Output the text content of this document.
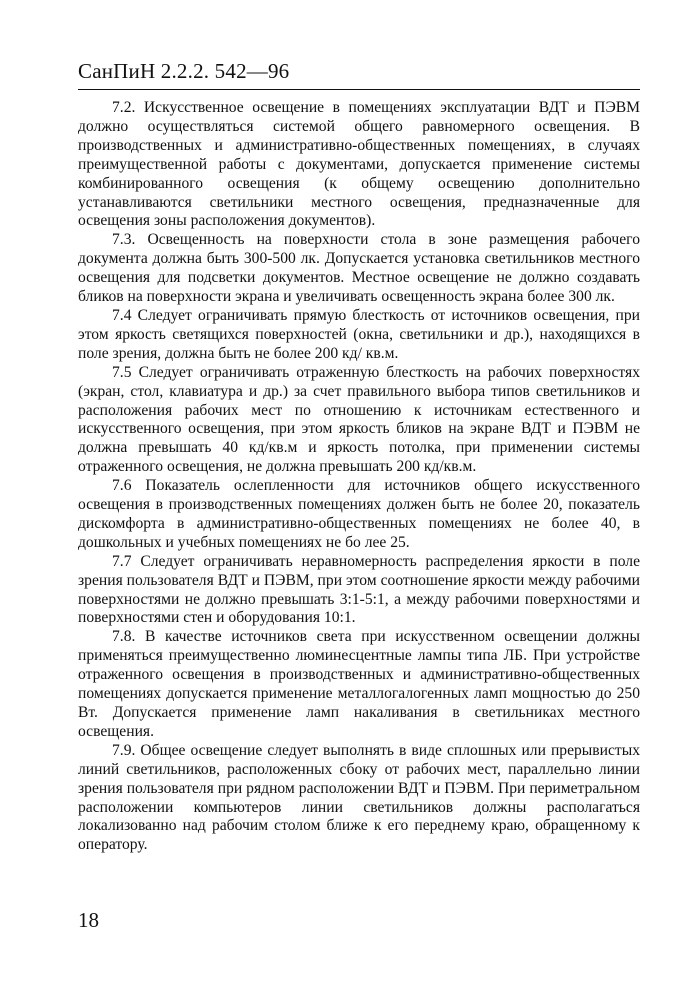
СанПиН 2.2.2. 542—96

7.2. Искусственное освещение в помещениях эксплуатации ВДТ и ПЭВМ должно осуществляться системой общего равномерного освещения. В производственных и административно-общественных помещениях, в случаях преимущественной работы с документами, допускается применение системы комбинированного освещения (к общему освещению дополнительно устанавливаются светильники местного освещения, предназначенные для освещения зоны расположения документов).

7.3. Освещенность на поверхности стола в зоне размещения рабочего документа должна быть 300-500 лк. Допускается установка светильников местного освещения для подсветки документов. Местное освещение не должно создавать бликов на поверхности экрана и увеличивать освещенность экрана более 300 лк.

7.4 Следует ограничивать прямую блесткость от источников освещения, при этом яркость светящихся поверхностей (окна, светильники и др.), находящихся в поле зрения, должна быть не более 200 кд/ кв.м.

7.5 Следует ограничивать отраженную блесткость на рабочих поверхностях (экран, стол, клавиатура и др.) за счет правильного выбора типов светильников и расположения рабочих мест по отношению к источникам естественного и искусственного освещения, при этом яркость бликов на экране ВДТ и ПЭВМ не должна превышать 40 кд/кв.м и яркость потолка, при применении системы отраженного освещения, не должна превышать 200 кд/кв.м.

7.6 Показатель ослепленности для источников общего искусственного освещения в производственных помещениях должен быть не более 20, показатель дискомфорта в административно-общественных помещениях не более 40, в дошкольных и учебных помещениях не бо лее 25.

7.7 Следует ограничивать неравномерность распределения яркости в поле зрения пользователя ВДТ и ПЭВМ, при этом соотношение яркости между рабочими поверхностями не должно превышать 3:1-5:1, а между рабочими поверхностями и поверхностями стен и оборудования 10:1.

7.8. В качестве источников света при искусственном освещении должны применяться преимущественно люминесцентные лампы типа ЛБ. При устройстве отраженного освещения в производственных и административно-общественных помещениях допускается применение металлогалогенных ламп мощностью до 250 Вт. Допускается применение ламп накаливания в светильниках местного освещения.

7.9. Общее освещение следует выполнять в виде сплошных или прерывистых линий светильников, расположенных сбоку от рабочих мест, параллельно линии зрения пользователя при рядном расположении ВДТ и ПЭВМ. При периметральном расположении компьютеров линии светильников должны располагаться локализованно над рабочим столом ближе к его переднему краю, обращенному к оператору.

18
